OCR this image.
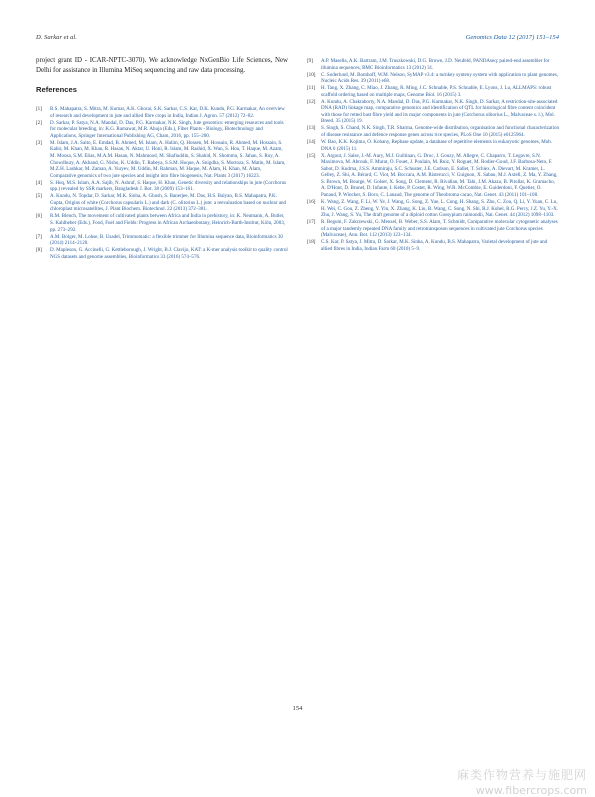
D. Sarkar et al.	Genomics Data 12 (2017) 151–154

project grant ID - ICAR-NPTC-3070). We acknowledge NxGenBio Life Sciences, New Delhi for assistance in Illumina MiSeq sequencing and raw data processing.

References
[1]	B.S. Mahapatra, S. Mitra, M. Kumar, A.K. Ghorai, S.K. Sarkar, C.S. Kar, D.K. Kundu, P.G. Karmakar, An overview of research and development in jute and allied fibre crops in India, Indian J. Agron. 57 (2012) 72–82.
[2]	D. Sarkar, P. Satya, N.A. Mandal, D. Das, P.G. Karmakar, N.K. Singh, Jute genomics: emerging resources and tools for molecular breeding, in: K.G. Ramawat, M.R. Ahuja (Eds.), Fiber Plants - Biology, Biotechnology and Applications, Springer International Publishing AG, Cham, 2016, pp. 155–200.
[3]	M. Islam, J.A. Saito, E. Emdad, B. Ahmed, M. Islam, A. Halim, Q. Hossen, M. Hossain, R. Ahmed, M. Hossain, S. Kabir, M. Khan, M. Khan, R. Hasan, N. Aktar, U. Honi, R. Islam, M. Rashid, X. Wan, S. Hou, T. Haque, M. Azam, M. Moosa, S.M. Elias, M.A.M. Hasan, N. Mahmood, M. Shafiuddin, S. Shahid, N. Shommu, S. Jahan, S. Roy, A. Chowdhury, A. Akhand, G. Nisho, K. Uddin, T. Rabeya, S.S.M. Hoque, A. Snigdha, S. Mortoza, S. Matin, M. Islam, M.Z.H. Lashkar, M. Zaman, A. Yuryev, M. Uddin, M. Rahman, M. Haque, M. Alam, H. Khan, M. Alam, Comparative genomics of two jute species and insight into fibre biogenesis, Nat. Plants 3 (2017) 16223.
[4]	S. Huq, M.S. Islam, A.A. Sajib, N. Ashraf, S. Haque, H. Khan, Genetic diversity and relationships in jute (Corchorus spp.) revealed by SSR markers, Bangladesh J. Bot. 38 (2009) 153–161.
[5]	A. Kundu, N. Topdar, D. Sarkar, M.K. Sinha, A. Ghosh, S. Banerjee, M. Das, H.S. Balyan, B.S. Mahapatra, P.K. Gupta, Origins of white (Corchorus capsularis L.) and dark (C. olitorius L.) jute: a reevaluation based on nuclear and chloroplast microsatellites, J. Plant Biochem. Biotechnol. 22 (2013) 372–381.
[6]	R.M. Blench, The movement of cultivated plants between Africa and India in prehistory, in: K. Neumann, A. Butler, S. Kahlheber (Eds.), Food, Fuel and Fields: Progress in African Archaeobotany, Heinrich-Barth-Institut, Köln, 2003, pp. 273–292.
[7]	A.M. Bolger, M. Lohse, B. Usadel, Trimmomatic: a flexible trimmer for Illumina sequence data, Bioinformatics 30 (2014) 2114–2120.
[8]	D. Mapleson, G. Accinelli, G. Kettleborough, J. Wright, B.J. Clavijo, KAT: a K-mer analysis toolkit to quality control NGS datasets and genome assemblies, Bioinformatics 33 (2016) 574–576.
[9]	A.P. Masella, A.K. Bartram, J.M. Truszkowski, D.G. Brown, J.D. Neufeld, PANDAseq: paired-end assembler for illumina sequences, BMC Bioinformatics 13 (2012) 31.
[10]	C. Soderlund, M. Bomhoff, W.M. Nelson, SyMAP v3.4: a turnkey synteny system with application to plant genomes, Nucleic Acids Res. 39 (2011) e68.
[11]	H. Tang, X. Zhang, C. Miao, J. Zhang, R. Ming, J.C. Schnable, P.S. Schnable, E. Lyons, J. Lu, ALLMAPS: robust scaffold ordering based on multiple maps, Genome Biol. 16 (2015) 3.
[12]	A. Kundu, A. Chakraborty, N.A. Mandal, D. Das, P.G. Karmakar, N.K. Singh, D. Sarkar, A restriction-site-associated DNA (RAD) linkage map, comparative genomics and identification of QTL for histological fibre content coincident with those for retted bast fibre yield and its major components in jute (Corchorus olitorius L., Malvaceae s. l.), Mol. Breed. 35 (2015) 19.
[13]	S. Singh, S. Chand, N.K. Singh, T.R. Sharma, Genome-wide distribution, organisation and functional characterization of disease resistance and defence response genes across rice species, PLoS One 10 (2015) e0125964.
[14]	W. Bao, K.K. Kojima, O. Kohany, Repbase update, a database of repetitive elements in eukaryotic genomes, Mob. DNA 6 (2015) 11.
[15]	X. Argout, J. Salse, J.-M. Aury, M.J. Guiltinan, G. Droc, J. Gouzy, M. Allegre, C. Chaparro, T. Legavre, S.N. Maximova, M. Abrouk, F. Murat, O. Fouet, J. Poulain, M. Ruiz, Y. Roguet, M. Rodier-Goud, J.F. Barbosa-Neto, F. Sabot, D. Kudrna, J.S.S. Ammiraju, S.C. Schuster, J.E. Carlson, E. Sallet, T. Schiex, A. Dievart, M. Kramer, L. Gelley, Z. Shi, A. Bérard, C. Viot, M. Boccara, A.M. Risterucci, V. Guignon, X. Sabau, M.J. Axtell, Z. Ma, Y. Zhang, S. Brown, M. Bourge, W. Golser, X. Song, D. Clement, R. Rivallan, M. Tahi, J.M. Akaza, B. Pitollat, K. Gramacho, A. D'Hont, D. Brunel, D. Infante, I. Kebe, P. Costet, R. Wing, W.R. McCombie, E. Guiderdoni, F. Quetier, O. Panaud, P. Wincker, S. Bocs, C. Lanaud, The genome of Theobroma cacao, Nat. Genet. 43 (2011) 101–108.
[16]	K. Wang, Z. Wang, F. Li, W. Ye, J. Wang, G. Song, Z. Yue, L. Cong, H. Shang, S. Zhu, C. Zou, Q. Li, Y. Yuan, C. Lu, H. Wei, C. Gou, Z. Zheng, Y. Yin, X. Zhang, K. Liu, B. Wang, C. Song, N. Shi, R.J. Kohel, R.G. Percy, J.Z. Yu, Y.-X. Zhu, J. Wang, S. Yu, The draft genome of a diploid cotton Gossypium raimondii, Nat. Genet. 44 (2012) 1098–1103.
[17]	R. Begum, F. Zakrzewski, G. Menzel, B. Weber, S.S. Alam, T. Schmidt, Comparative molecular cytogenetic analyses of a major tandemly repeated DNA family and retrotransposon sequences in cultivated jute Corchorus species (Malvaceae), Ann. Bot. 112 (2013) 123–134.
[18]	C.S. Kar, P. Satya, J. Mitra, D. Sarkar, M.K. Sinha, A. Kundu, B.S. Mahapatra, Varietal development of jute and allied fibres in India, Indian Farm 60 (2010) 5–9.
154
麻类作物营养与施肥网
www.fibercrops.com
